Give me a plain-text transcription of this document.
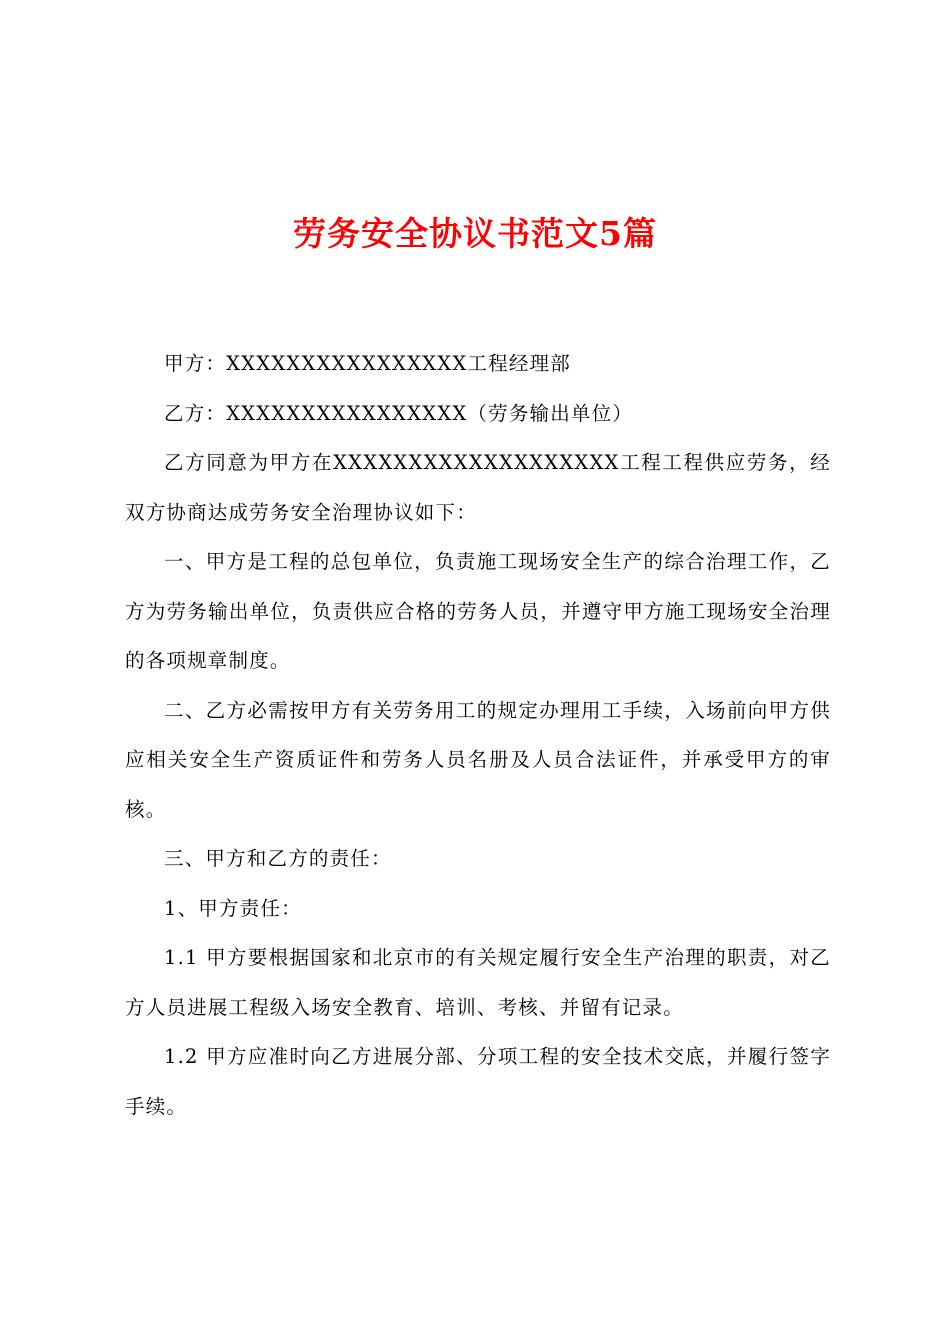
劳务安全协议书范文5篇

甲方：XXXXXXXXXXXXXXXX工程经理部

乙方：XXXXXXXXXXXXXXXX（劳务输出单位）

乙方同意为甲方在XXXXXXXXXXXXXXXXXXX工程工程供应劳务，经双方协商达成劳务安全治理协议如下：

一、甲方是工程的总包单位，负责施工现场安全生产的综合治理工作，乙方为劳务输出单位，负责供应合格的劳务人员，并遵守甲方施工现场安全治理的各项规章制度。

二、乙方必需按甲方有关劳务用工的规定办理用工手续，入场前向甲方供应相关安全生产资质证件和劳务人员名册及人员合法证件，并承受甲方的审核。

三、甲方和乙方的责任：

1、甲方责任：

1.1 甲方要根据国家和北京市的有关规定履行安全生产治理的职责，对乙方人员进展工程级入场安全教育、培训、考核、并留有记录。

1.2 甲方应准时向乙方进展分部、分项工程的安全技术交底，并履行签字手续。
